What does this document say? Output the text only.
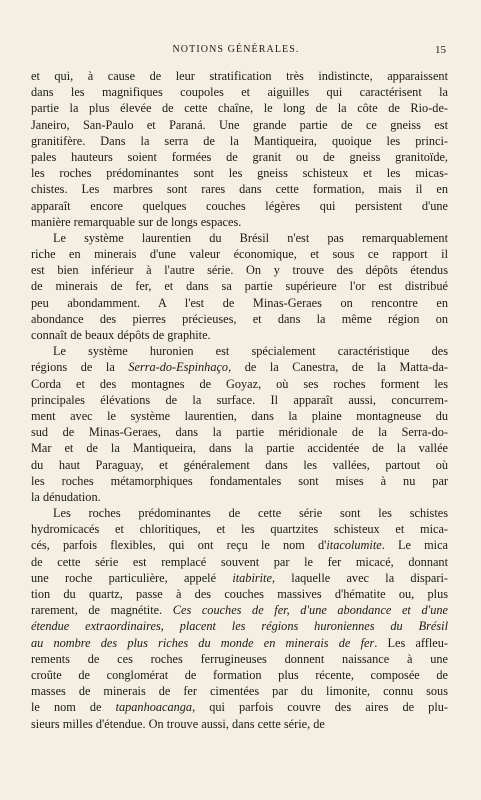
NOTIONS GÉNÉRALES.	15
et qui, à cause de leur stratification très indistincte, apparaissent
dans les magnifiques coupoles et aiguilles qui caractérisent la
partie la plus élevée de cette chaîne, le long de la côte de Rio-de-
Janeiro, San-Paulo et Paraná. Une grande partie de ce gneiss est
granitifère. Dans la serra de la Mantiqueira, quoique les princi-
pales hauteurs soient formées de granit ou de gneiss granitoïde,
les roches prédominantes sont les gneiss schisteux et les micas-
chistes. Les marbres sont rares dans cette formation, mais il en
apparaît encore quelques couches légères qui persistent d'une
manière remarquable sur de longs espaces.
Le système laurentien du Brésil n'est pas remarquablement
riche en minerais d'une valeur économique, et sous ce rapport il
est bien inférieur à l'autre série. On y trouve des dépôts étendus
de minerais de fer, et dans sa partie supérieure l'or est distribué
peu abondamment. A l'est de Minas-Geraes on rencontre en
abondance des pierres précieuses, et dans la même région on
connaît de beaux dépôts de graphite.
Le système huronien est spécialement caractéristique des
régions de la Serra-do-Espinhaço, de la Canestra, de la Matta-da-
Corda et des montagnes de Goyaz, où ses roches forment les
principales élévations de la surface. Il apparaît aussi, concurrem-
ment avec le système laurentien, dans la plaine montagneuse du
sud de Minas-Geraes, dans la partie méridionale de la Serra-do-
Mar et de la Mantiqueira, dans la partie accidentée de la vallée
du haut Paraguay, et généralement dans les vallées, partout où
les roches métamorphiques fondamentales sont mises à nu par
la dénudation.
Les roches prédominantes de cette série sont les schistes
hydromicacés et chloritiques, et les quartzites schisteux et mica-
cés, parfois flexibles, qui ont reçu le nom d'itacolumite. Le mica
de cette série est remplacé souvent par le fer micacé, donnant
une roche particulière, appelé itabirite, laquelle avec la dispari-
tion du quartz, passe à des couches massives d'hématite ou, plus
rarement, de magnétite. Ces couches de fer, d'une abondance et d'une
étendue extraordinaires, placent les régions huroniennes du Brésil
au nombre des plus riches du monde en minerais de fer. Les affleu-
rements de ces roches ferrugineuses donnent naissance à une
croûte de conglomérat de formation plus récente, composée de
masses de minerais de fer cimentées par du limonite, connu sous
le nom de tapanhoacanga, qui parfois couvre des aires de plu-
sieurs milles d'étendue. On trouve aussi, dans cette série, de
